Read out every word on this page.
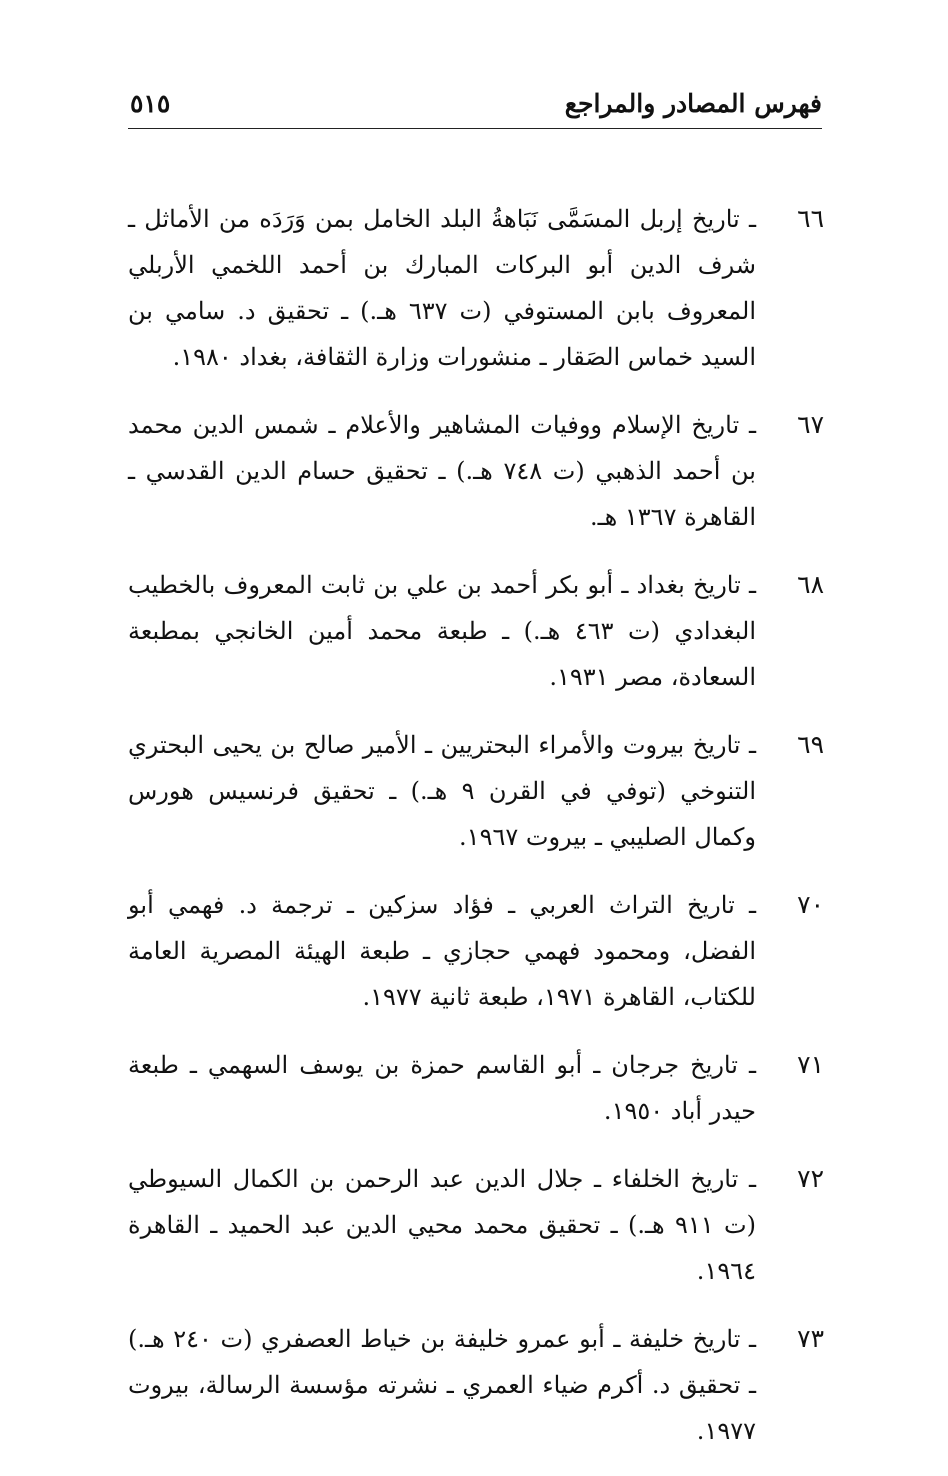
فهرس المصادر والمراجع
٥١٥
٦٦
ـ تاريخ إربل المسَمَّى نَبَاهةُ البلد الخامل بمن وَرَدَه من الأماثل ـ شرف الدين أبو البركات المبارك بن أحمد اللخمي الأربلي المعروف بابن المستوفي (ت ٦٣٧ هـ.) ـ تحقيق د. سامي بن السيد خماس الصَقار ـ منشورات وزارة الثقافة، بغداد ١٩٨٠.
٦٧
ـ تاريخ الإسلام ووفيات المشاهير والأعلام ـ شمس الدين محمد بن أحمد الذهبي (ت ٧٤٨ هـ.) ـ تحقيق حسام الدين القدسي ـ القاهرة ١٣٦٧ هـ.
٦٨
ـ تاريخ بغداد ـ أبو بكر أحمد بن علي بن ثابت المعروف بالخطيب البغدادي (ت ٤٦٣ هـ.) ـ طبعة محمد أمين الخانجي بمطبعة السعادة، مصر ١٩٣١.
٦٩
ـ تاريخ بيروت والأمراء البحتريين ـ الأمير صالح بن يحيى البحتري التنوخي (توفي في القرن ٩ هـ.) ـ تحقيق فرنسيس هورس وكمال الصليبي ـ بيروت ١٩٦٧.
٧٠
ـ تاريخ التراث العربي ـ فؤاد سزكين ـ ترجمة د. فهمي أبو الفضل، ومحمود فهمي حجازي ـ طبعة الهيئة المصرية العامة للكتاب، القاهرة ١٩٧١، طبعة ثانية ١٩٧٧.
٧١
ـ تاريخ جرجان ـ أبو القاسم حمزة بن يوسف السهمي ـ طبعة حيدر أباد ١٩٥٠.
٧٢
ـ تاريخ الخلفاء ـ جلال الدين عبد الرحمن بن الكمال السيوطي (ت ٩١١ هـ.) ـ تحقيق محمد محيي الدين عبد الحميد ـ القاهرة ١٩٦٤.
٧٣
ـ تاريخ خليفة ـ أبو عمرو خليفة بن خياط العصفري (ت ٢٤٠ هـ.) ـ تحقيق د. أكرم ضياء العمري ـ نشرته مؤسسة الرسالة، بيروت ١٩٧٧.
